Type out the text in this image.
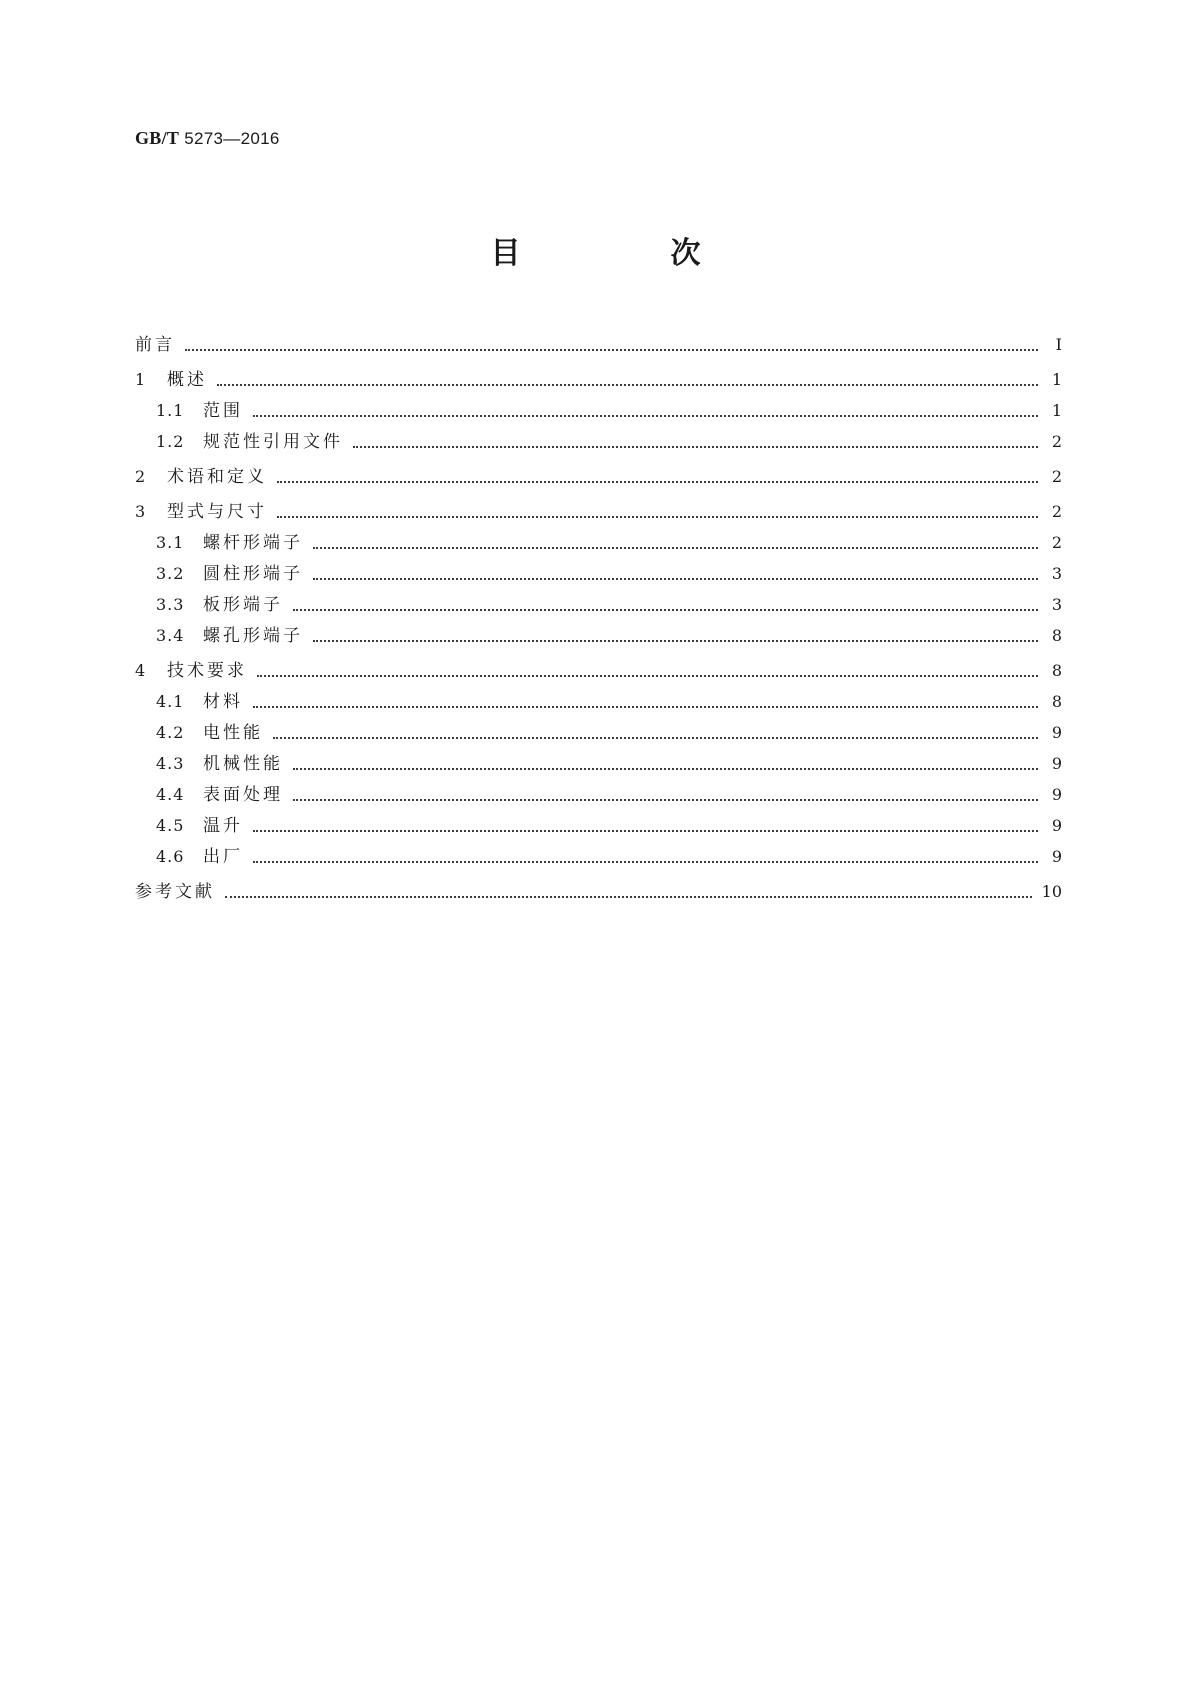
GB/T 5273—2016
目　次
前言	Ⅰ
1	概述	1
1.1	范围	1
1.2	规范性引用文件	2
2	术语和定义	2
3	型式与尺寸	2
3.1	螺杆形端子	2
3.2	圆柱形端子	3
3.3	板形端子	3
3.4	螺孔形端子	8
4	技术要求	8
4.1	材料	8
4.2	电性能	9
4.3	机械性能	9
4.4	表面处理	9
4.5	温升	9
4.6	出厂	9
参考文献	10
